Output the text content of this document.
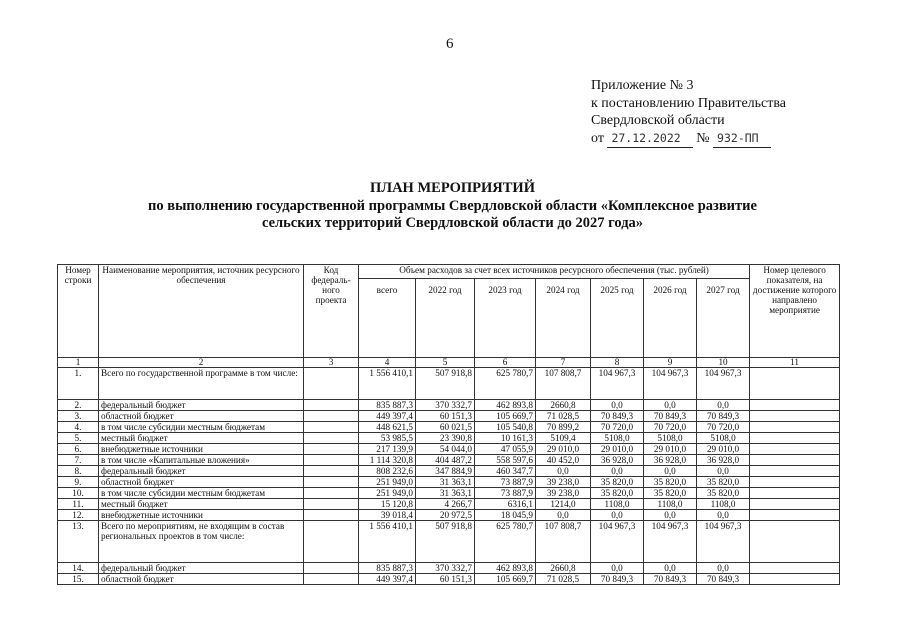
6
Приложение № 3
к постановлению Правительства
Свердловской области
от 27.12.2022 № 932-ПП
ПЛАН МЕРОПРИЯТИЙ
по выполнению государственной программы Свердловской области «Комплексное развитие
сельских территорий Свердловской области до 2027 года»
Номер строки	Наименование мероприятия, источник ресурсного обеспечения	Код федераль-ного проекта	Объем расходов за счет всех источников ресурсного обеспечения (тыс. рублей)							Номер целевого показателя, на достижение которого направлено мероприятие
			всего	2022 год	2023 год	2024 год	2025 год	2026 год	2027 год	
1	2	3	4	5	6	7	8	9	10	11
1.	Всего по государственной программе в том числе:		1 556 410,1	507 918,8	625 780,7	107 808,7	104 967,3	104 967,3	104 967,3	
2.	федеральный бюджет		835 887,3	370 332,7	462 893,8	2660,8	0,0	0,0	0,0	
3.	областной бюджет		449 397,4	60 151,3	105 669,7	71 028,5	70 849,3	70 849,3	70 849,3	
4.	в том числе субсидии местным бюджетам		448 621,5	60 021,5	105 540,8	70 899,2	70 720,0	70 720,0	70 720,0	
5.	местный бюджет		53 985,5	23 390,8	10 161,3	5109,4	5108,0	5108,0	5108,0	
6.	внебюджетные источники		217 139,9	54 044,0	47 055,9	29 010,0	29 010,0	29 010,0	29 010,0	
7.	в том числе «Капитальные вложения»		1 114 320,8	404 487,2	558 597,6	40 452,0	36 928,0	36 928,0	36 928,0	
8.	федеральный бюджет		808 232,6	347 884,9	460 347,7	0,0	0,0	0,0	0,0	
9.	областной бюджет		251 949,0	31 363,1	73 887,9	39 238,0	35 820,0	35 820,0	35 820,0	
10.	в том числе субсидии местным бюджетам		251 949,0	31 363,1	73 887,9	39 238,0	35 820,0	35 820,0	35 820,0	
11.	местный бюджет		15 120,8	4 266,7	6316,1	1214,0	1108,0	1108,0	1108,0	
12.	внебюджетные источники		39 018,4	20 972,5	18 045,9	0,0	0,0	0,0	0,0	
13.	Всего по мероприятиям, не входящим в состав региональных проектов в том числе:		1 556 410,1	507 918,8	625 780,7	107 808,7	104 967,3	104 967,3	104 967,3	
14.	федеральный бюджет		835 887,3	370 332,7	462 893,8	2660,8	0,0	0,0	0,0	
15.	областной бюджет		449 397,4	60 151,3	105 669,7	71 028,5	70 849,3	70 849,3	70 849,3	
